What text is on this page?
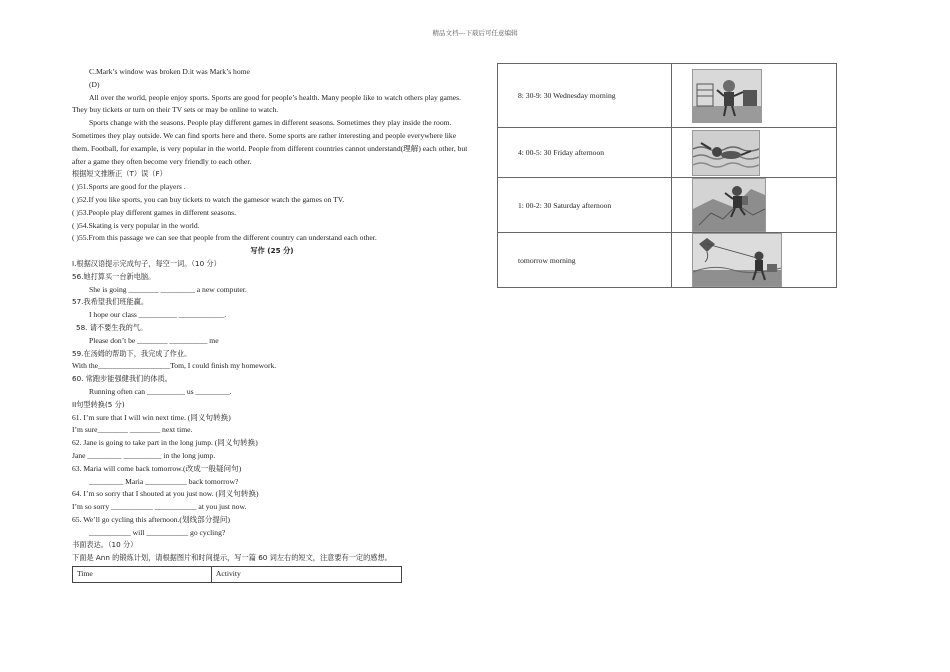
精品文档---下载后可任意编辑
C.Mark’s window was broken D.it was Mark’s home
(D)
All over the world, people enjoy sports. Sports are good for people’s health. Many people like to watch others play games. They buy tickets or turn on their TV sets or may be online to watch.
Sports change with the seasons. People play different games in different seasons. Sometimes they play inside the room. Sometimes they play outside. We can find sports here and there. Some sports are rather interesting and people everywhere like them. Football, for example, is very popular in the world. People from different countries cannot understand(理解) each other, but after a game they often become very friendly to each other.
根据短文推断正（T）误（F）
( )51.Sports are good for the players .
( )52.If you like sports, you can buy tickets to watch the gamesor watch the games on TV.
( )53.People play different games in different seasons.
( )54.Skating is very popular in the world.
( )55.From this passage we can see that people from the different country can understand each other.
写作 (25 分)
I.根据汉语提示完成句子，每空一词。（10 分）
56.她打算买一台新电脑。
She is going ________ _________ a new computer.
57.我希望我们班能赢。
I hope our class __________ ____________.
58. 请不要生我的气。
Please don’t be ________ __________ me
59.在汤姆的帮助下，我完成了作业。
With the___________________Tom, I could finish my homework.
60. 常跑步能强健我们的体质。
Running often can __________ us _________.
II句型转换(5 分)
61. I’m sure that I will win next time. (同义句转换)
I’m sure________ ________ next time.
62. Jane is going to take part in the long jump. (同义句转换)
Jane _________ __________ in the long jump.
63. Maria will come back tomorrow.(改成一般疑问句)
_________ Maria ___________ back tomorrow?
64. I’m so sorry that I shouted at you just now. (同义句转换)
I’m so sorry ___________ ___________ at you just now.
65. We’ll go cycling this afternoon.(划线部分提问)
___________ will ___________ go cycling?
书面表达。（10 分）
下面是 Ann 的锻炼计划，请根据图片和时间提示，写一篇 60 词左右的短文，注意要有一定的感想。
Time	Activity
8: 30-9: 30 Wednesday morning	

4: 00-5: 30 Friday afternoon	

1: 00-2: 30 Saturday afternoon	

tomorrow morning	
